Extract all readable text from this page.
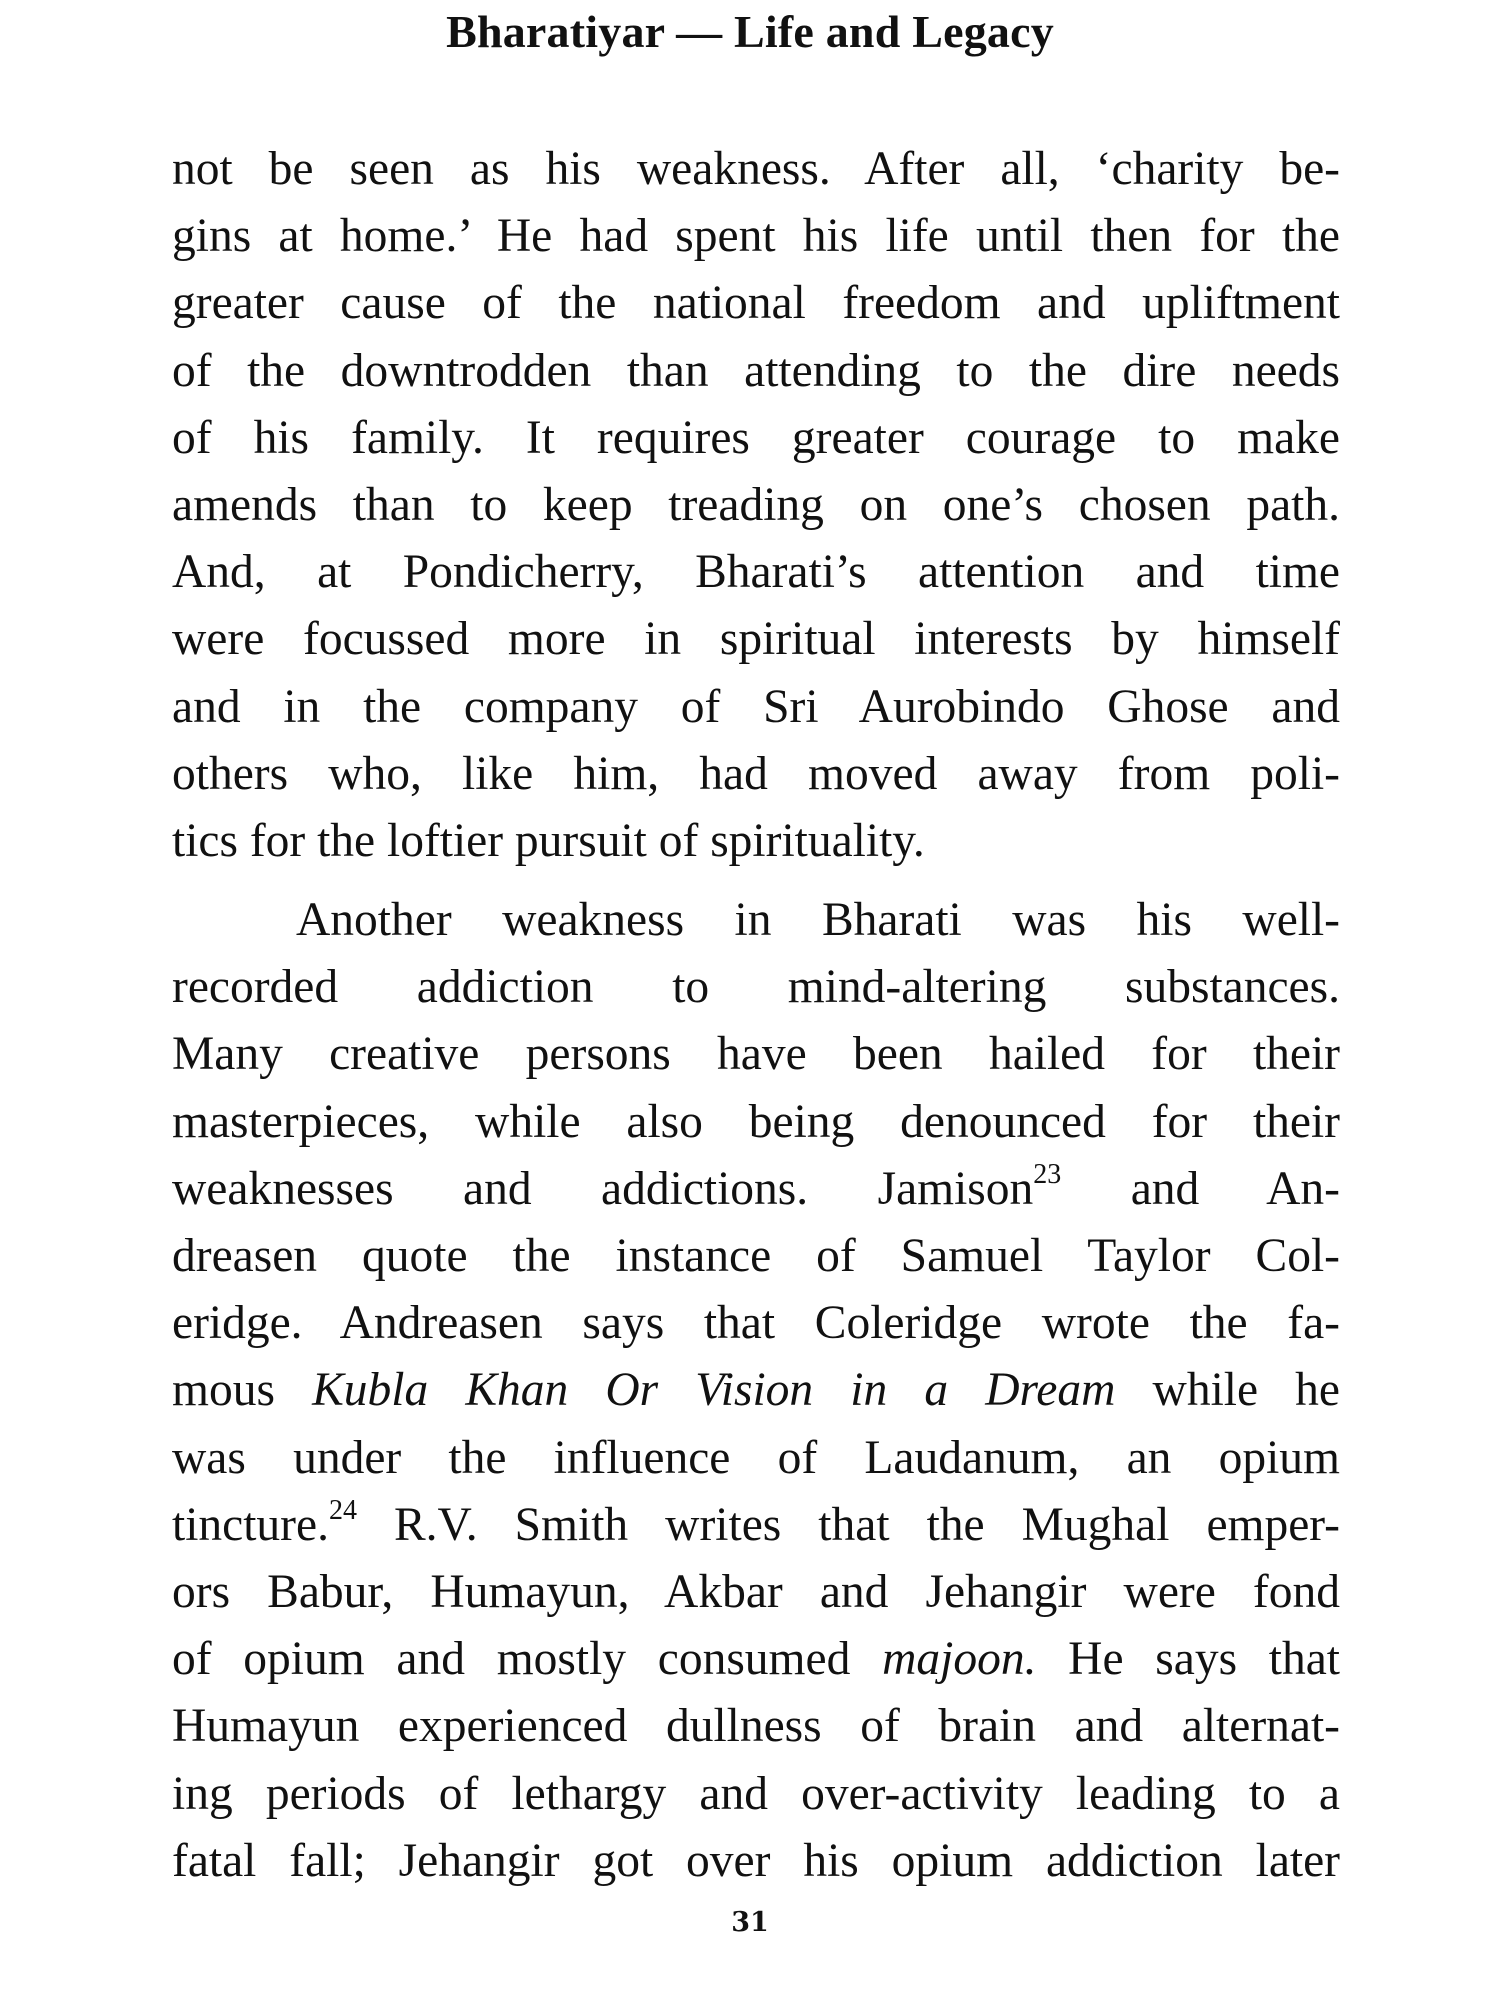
Bharatiyar — Life and Legacy
not be seen as his weakness. After all, ‘charity be-
gins at home.’ He had spent his life until then for the
greater cause of the national freedom and upliftment
of the downtrodden than attending to the dire needs
of his family. It requires greater courage to make
amends than to keep treading on one’s chosen path.
And, at Pondicherry, Bharati’s attention and time
were focussed more in spiritual interests by himself
and in the company of Sri Aurobindo Ghose and
others who, like him, had moved away from poli-
tics for the loftier pursuit of spirituality.
Another weakness in Bharati was his well-
recorded addiction to mind-altering substances.
Many creative persons have been hailed for their
masterpieces, while also being denounced for their
weaknesses and addictions. Jamison$^{23}$ and An-
dreasen quote the instance of Samuel Taylor Col-
eridge. Andreasen says that Coleridge wrote the fa-
mous Kubla Khan Or Vision in a Dream while he
was under the influence of Laudanum, an opium
tincture.$^{24}$ R.V. Smith writes that the Mughal emper-
ors Babur, Humayun, Akbar and Jehangir were fond
of opium and mostly consumed majoon. He says that
Humayun experienced dullness of brain and alternat-
ing periods of lethargy and over-activity leading to a
fatal fall; Jehangir got over his opium addiction later
31
